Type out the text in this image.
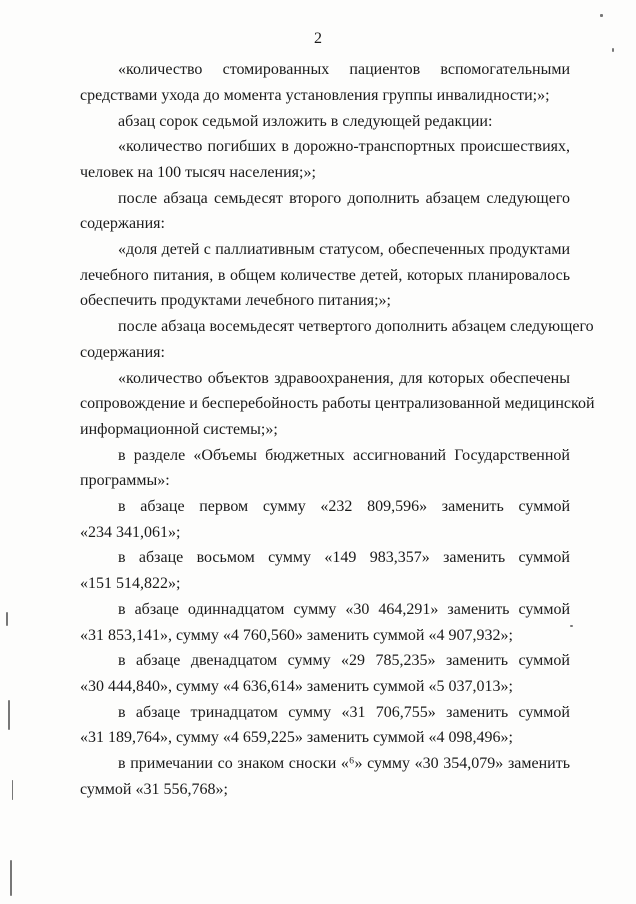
2
«количество стомированных пациентов вспомогательными
средствами ухода до момента установления группы инвалидности;»;
абзац сорок седьмой изложить в следующей редакции:
«количество погибших в дорожно-транспортных происшествиях,
человек на 100 тысяч населения;»;
после абзаца семьдесят второго дополнить абзацем следующего
содержания:
«доля детей с паллиативным статусом, обеспеченных продуктами
лечебного питания, в общем количестве детей, которых планировалось
обеспечить продуктами лечебного питания;»;
после абзаца восемьдесят четвертого дополнить абзацем следующего
содержания:
«количество объектов здравоохранения, для которых обеспечены
сопровождение и бесперебойность работы централизованной медицинской
информационной системы;»;
в разделе «Объемы бюджетных ассигнований Государственной
программы»:
в абзаце первом сумму «232 809,596» заменить суммой
«234 341,061»;
в абзаце восьмом сумму «149 983,357» заменить суммой
«151 514,822»;
в абзаце одиннадцатом сумму «30 464,291» заменить суммой
«31 853,141», сумму «4 760,560» заменить суммой «4 907,932»;
в абзаце двенадцатом сумму «29 785,235» заменить суммой
«30 444,840», сумму «4 636,614» заменить суммой «5 037,013»;
в абзаце тринадцатом сумму «31 706,755» заменить суммой
«31 189,764», сумму «4 659,225» заменить суммой «4 098,496»;
в примечании со знаком сноски «⁶» сумму «30 354,079» заменить
суммой «31 556,768»;
